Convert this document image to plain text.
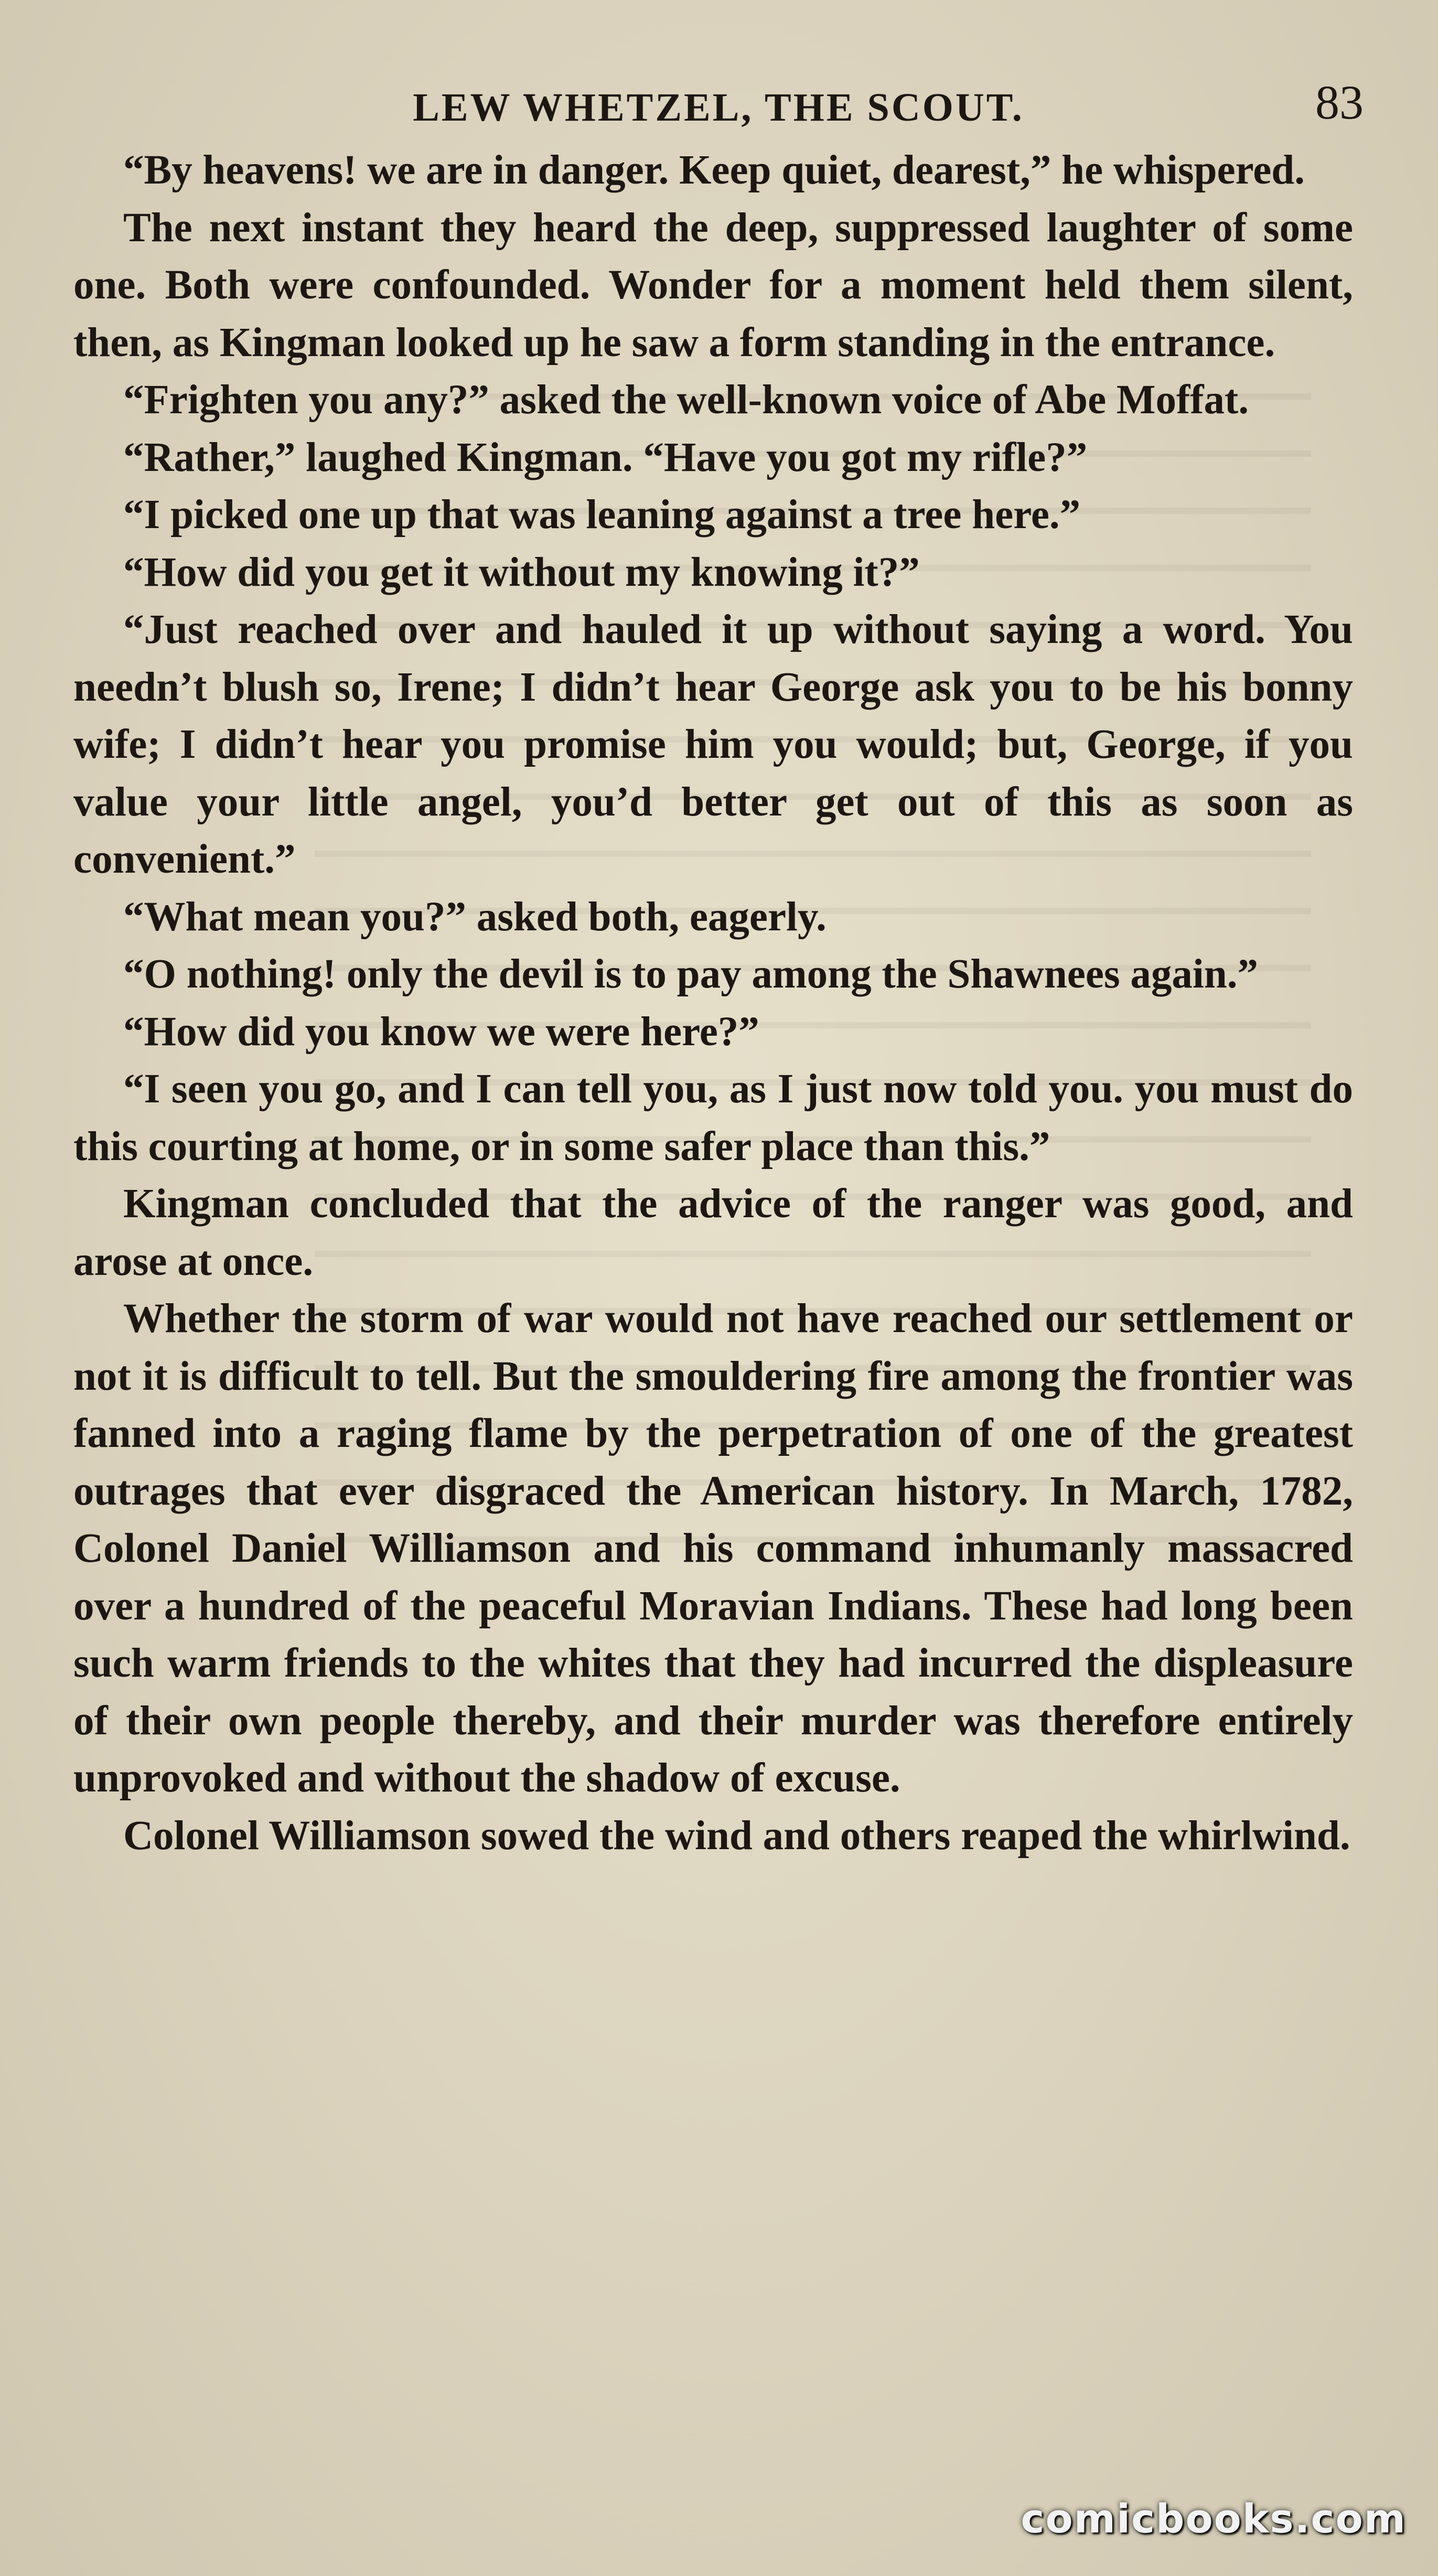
LEW WHETZEL, THE SCOUT.	83

“By heavens! we are in danger. Keep quiet, dearest,” he whispered.

The next instant they heard the deep, suppressed laughter of some one. Both were confounded. Wonder for a moment held them silent, then, as Kingman looked up he saw a form standing in the entrance.

“Frighten you any?” asked the well-known voice of Abe Moffat.

“Rather,” laughed Kingman. “Have you got my rifle?”

“I picked one up that was leaning against a tree here.”

“How did you get it without my knowing it?”

“Just reached over and hauled it up without saying a word. You needn’t blush so, Irene; I didn’t hear George ask you to be his bonny wife; I didn’t hear you promise him you would; but, George, if you value your little angel, you’d better get out of this as soon as convenient.”

“What mean you?” asked both, eagerly.

“O nothing! only the devil is to pay among the Shawnees again.”

“How did you know we were here?”

“I seen you go, and I can tell you, as I just now told you. you must do this courting at home, or in some safer place than this.”

Kingman concluded that the advice of the ranger was good, and arose at once.

Whether the storm of war would not have reached our settlement or not it is difficult to tell. But the smouldering fire among the frontier was fanned into a raging flame by the perpetration of one of the greatest outrages that ever disgraced the American history. In March, 1782, Colonel Daniel Williamson and his command inhumanly massacred over a hundred of the peaceful Moravian Indians. These had long been such warm friends to the whites that they had incurred the displeasure of their own people thereby, and their murder was therefore entirely unprovoked and without the shadow of excuse.

Colonel Williamson sowed the wind and others reaped the whirlwind.

comicbooks.com
